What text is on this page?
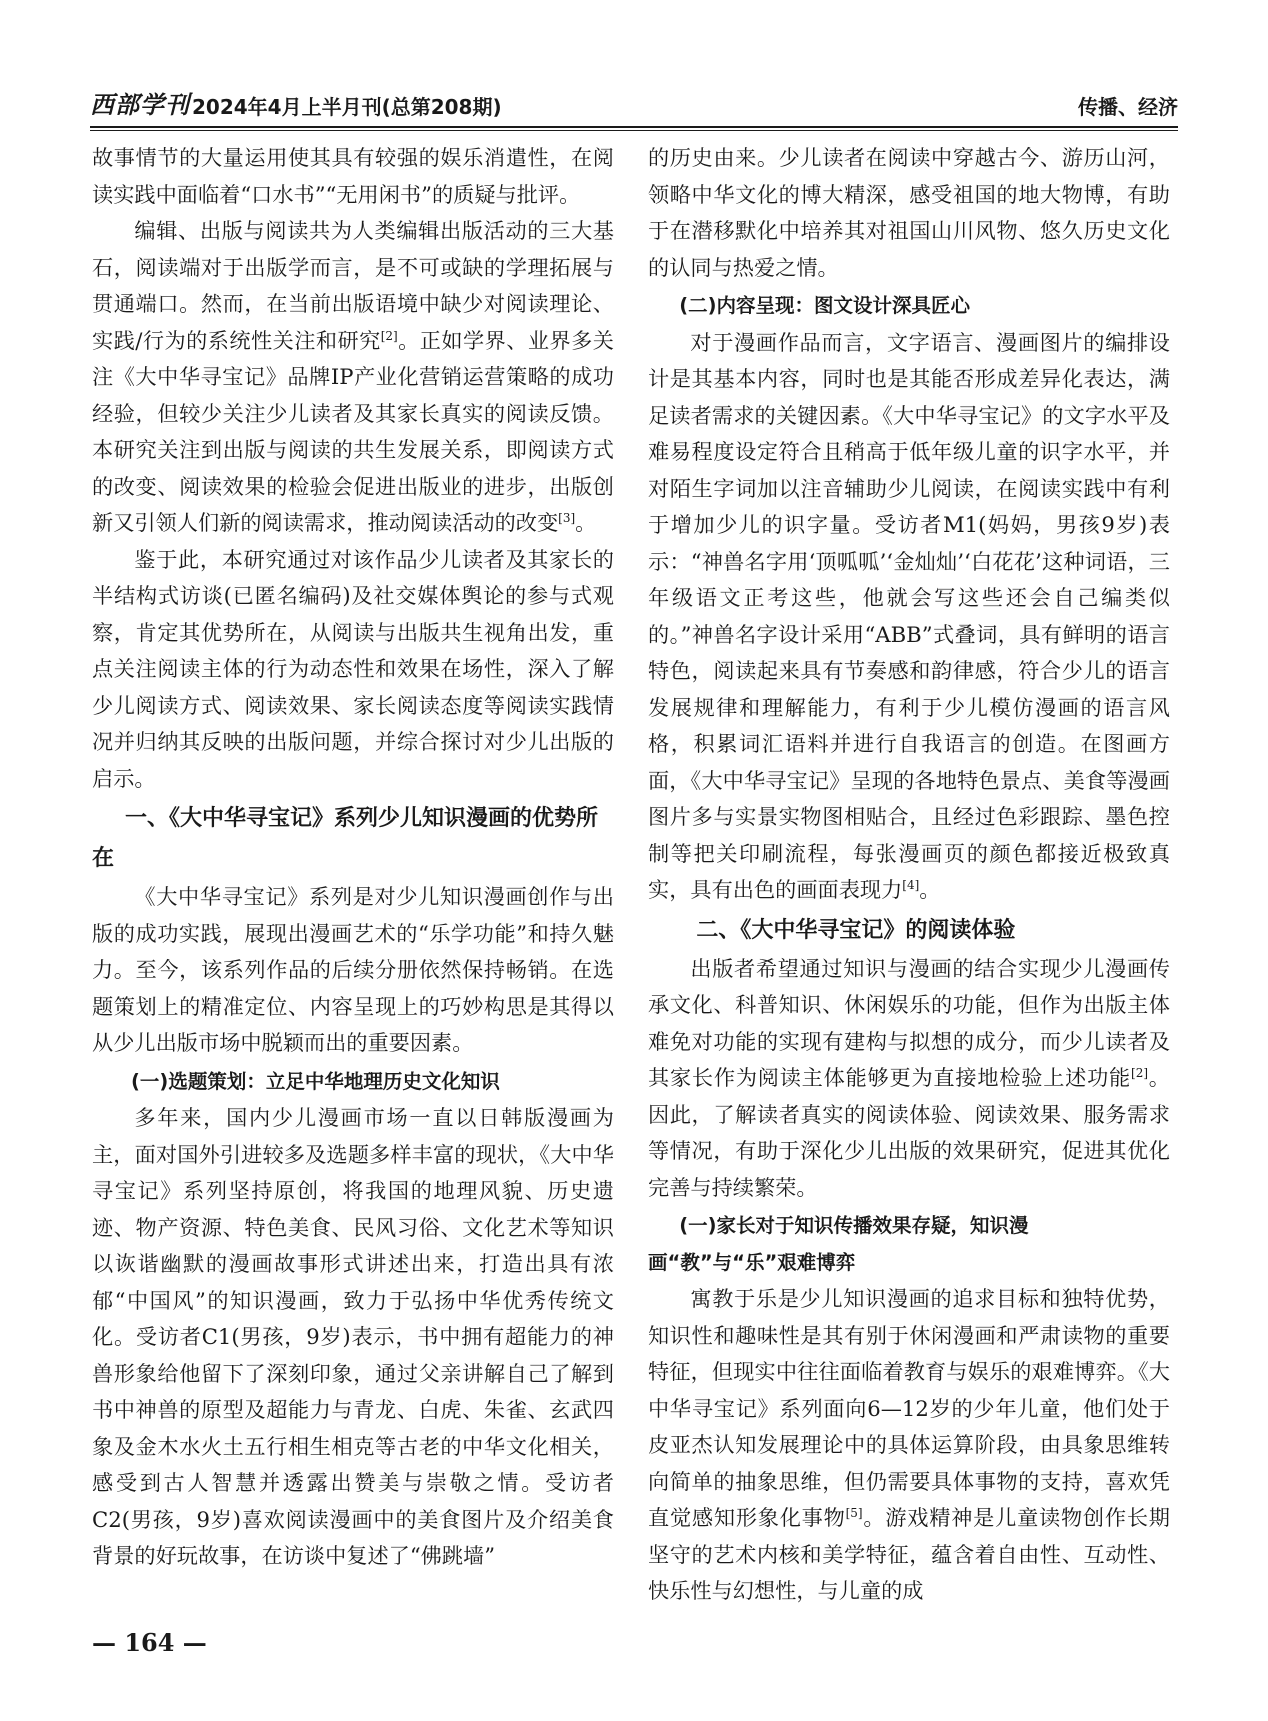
西部学刊 2024年4月上半月刊(总第208期)	传播、经济

故事情节的大量运用使其具有较强的娱乐消遣性，在阅读实践中面临着“口水书”“无用闲书”的质疑与批评。

编辑、出版与阅读共为人类编辑出版活动的三大基石，阅读端对于出版学而言，是不可或缺的学理拓展与贯通端口。然而，在当前出版语境中缺少对阅读理论、实践/行为的系统性关注和研究[2]。正如学界、业界多关注《大中华寻宝记》品牌IP产业化营销运营策略的成功经验，但较少关注少儿读者及其家长真实的阅读反馈。本研究关注到出版与阅读的共生发展关系，即阅读方式的改变、阅读效果的检验会促进出版业的进步，出版创新又引领人们新的阅读需求，推动阅读活动的改变[3]。

鉴于此，本研究通过对该作品少儿读者及其家长的半结构式访谈(已匿名编码)及社交媒体舆论的参与式观察，肯定其优势所在，从阅读与出版共生视角出发，重点关注阅读主体的行为动态性和效果在场性，深入了解少儿阅读方式、阅读效果、家长阅读态度等阅读实践情况并归纳其反映的出版问题，并综合探讨对少儿出版的启示。

一、《大中华寻宝记》系列少儿知识漫画的优势所在

《大中华寻宝记》系列是对少儿知识漫画创作与出版的成功实践，展现出漫画艺术的“乐学功能”和持久魅力。至今，该系列作品的后续分册依然保持畅销。在选题策划上的精准定位、内容呈现上的巧妙构思是其得以从少儿出版市场中脱颖而出的重要因素。

(一)选题策划：立足中华地理历史文化知识

多年来，国内少儿漫画市场一直以日韩版漫画为主，面对国外引进较多及选题多样丰富的现状，《大中华寻宝记》系列坚持原创，将我国的地理风貌、历史遗迹、物产资源、特色美食、民风习俗、文化艺术等知识以诙谐幽默的漫画故事形式讲述出来，打造出具有浓郁“中国风”的知识漫画，致力于弘扬中华优秀传统文化。受访者C1(男孩，9岁)表示，书中拥有超能力的神兽形象给他留下了深刻印象，通过父亲讲解自己了解到书中神兽的原型及超能力与青龙、白虎、朱雀、玄武四象及金木水火土五行相生相克等古老的中华文化相关，感受到古人智慧并透露出赞美与崇敬之情。受访者C2(男孩，9岁)喜欢阅读漫画中的美食图片及介绍美食背景的好玩故事，在访谈中复述了“佛跳墙”

的历史由来。少儿读者在阅读中穿越古今、游历山河，领略中华文化的博大精深，感受祖国的地大物博，有助于在潜移默化中培养其对祖国山川风物、悠久历史文化的认同与热爱之情。

(二)内容呈现：图文设计深具匠心

对于漫画作品而言，文字语言、漫画图片的编排设计是其基本内容，同时也是其能否形成差异化表达，满足读者需求的关键因素。《大中华寻宝记》的文字水平及难易程度设定符合且稍高于低年级儿童的识字水平，并对陌生字词加以注音辅助少儿阅读，在阅读实践中有利于增加少儿的识字量。受访者M1(妈妈，男孩9岁)表示：“神兽名字用‘顶呱呱’‘金灿灿’‘白花花’这种词语，三年级语文正考这些，他就会写这些还会自己编类似的。”神兽名字设计采用“ABB”式叠词，具有鲜明的语言特色，阅读起来具有节奏感和韵律感，符合少儿的语言发展规律和理解能力，有利于少儿模仿漫画的语言风格，积累词汇语料并进行自我语言的创造。在图画方面，《大中华寻宝记》呈现的各地特色景点、美食等漫画图片多与实景实物图相贴合，且经过色彩跟踪、墨色控制等把关印刷流程，每张漫画页的颜色都接近极致真实，具有出色的画面表现力[4]。

二、《大中华寻宝记》的阅读体验

出版者希望通过知识与漫画的结合实现少儿漫画传承文化、科普知识、休闲娱乐的功能，但作为出版主体难免对功能的实现有建构与拟想的成分，而少儿读者及其家长作为阅读主体能够更为直接地检验上述功能[2]。因此，了解读者真实的阅读体验、阅读效果、服务需求等情况，有助于深化少儿出版的效果研究，促进其优化完善与持续繁荣。

(一)家长对于知识传播效果存疑，知识漫画“教”与“乐”艰难博弈

寓教于乐是少儿知识漫画的追求目标和独特优势，知识性和趣味性是其有别于休闲漫画和严肃读物的重要特征，但现实中往往面临着教育与娱乐的艰难博弈。《大中华寻宝记》系列面向6—12岁的少年儿童，他们处于皮亚杰认知发展理论中的具体运算阶段，由具象思维转向简单的抽象思维，但仍需要具体事物的支持，喜欢凭直觉感知形象化事物[5]。游戏精神是儿童读物创作长期坚守的艺术内核和美学特征，蕴含着自由性、互动性、快乐性与幻想性，与儿童的成

— 164 —
